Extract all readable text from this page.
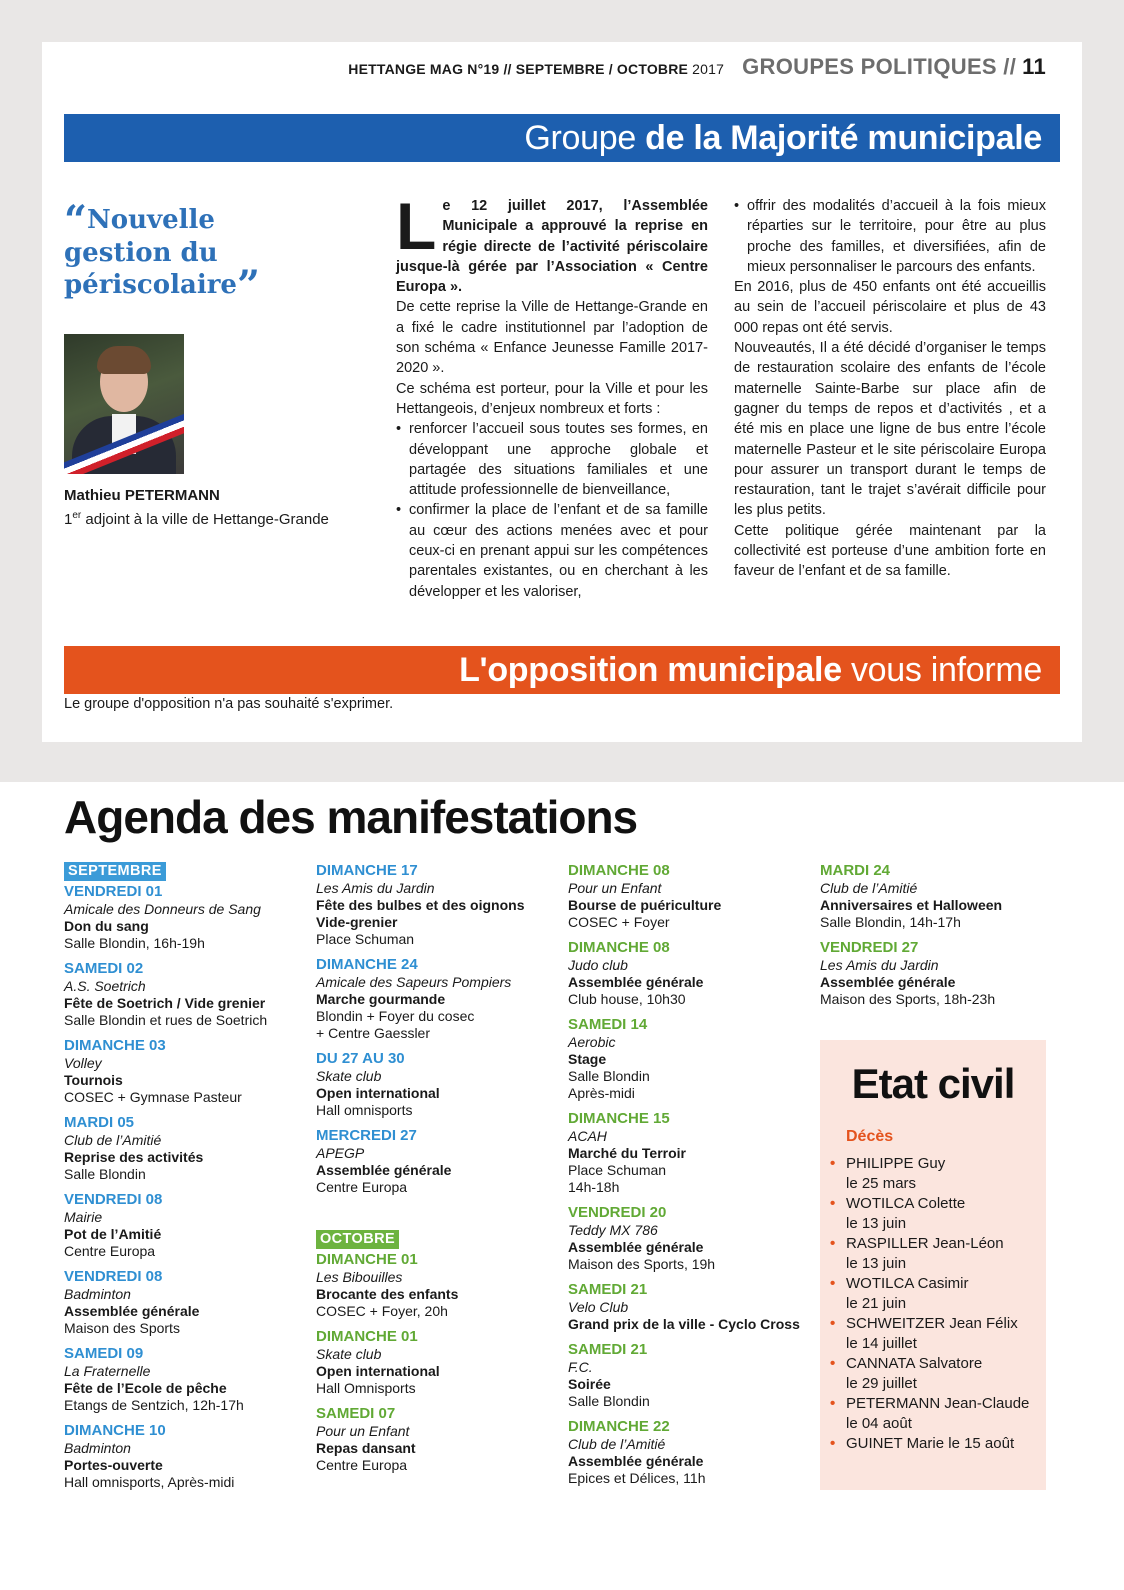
HETTANGE MAG N°19 // SEPTEMBRE / OCTOBRE 2017 GROUPES POLITIQUES // 11
Groupe de la Majorité municipale
“Nouvelle gestion du périscolaire”
Mathieu PETERMANN
1er adjoint à la ville de Hettange-Grande
L e 12 juillet 2017, l’Assemblée Municipale a approuvé la reprise en régie directe de l’activité périscolaire jusque-là gérée par l’Association « Centre Europa ».

De cette reprise la Ville de Hettange-Grande en a fixé le cadre institutionnel par l’adoption de son schéma « Enfance Jeunesse Famille 2017-2020 ».

Ce schéma est porteur, pour la Ville et pour les Hettangeois, d’enjeux nombreux et forts :

• renforcer l’accueil sous toutes ses formes, en développant une approche globale et partagée des situations familiales et une attitude professionnelle de bienveillance,
• confirmer la place de l’enfant et de sa famille au cœur des actions menées avec et pour ceux-ci en prenant appui sur les compétences parentales existantes, ou en cherchant à les développer et les valoriser,
• offrir des modalités d’accueil à la fois mieux réparties sur le territoire, pour être au plus proche des familles, et diversifiées, afin de mieux personnaliser le parcours des enfants.

En 2016, plus de 450 enfants ont été accueillis au sein de l’accueil périscolaire et plus de 43 000 repas ont été servis.

Nouveautés, Il a été décidé d’organiser le temps de restauration scolaire des enfants de l’école maternelle Sainte-Barbe sur place afin de gagner du temps de repos et d’activités , et a été mis en place une ligne de bus entre l’école maternelle Pasteur et le site périscolaire Europa pour assurer un transport durant le temps de restauration, tant le trajet s’avérait difficile pour les plus petits.

Cette politique gérée maintenant par la collectivité est porteuse d’une ambition forte en faveur de l’enfant et de sa famille.

L'opposition municipale vous informe
Le groupe d'opposition n'a pas souhaité s'exprimer.
Agenda des manifestations
SEPTEMBRE
VENDREDI 01
Amicale des Donneurs de Sang
Don du sang
Salle Blondin, 16h-19h
SAMEDI 02
A.S. Soetrich
Fête de Soetrich / Vide grenier
Salle Blondin et rues de Soetrich
DIMANCHE 03
Volley
Tournois
COSEC + Gymnase Pasteur
MARDI 05
Club de l’Amitié
Reprise des activités
Salle Blondin
VENDREDI 08
Mairie
Pot de l’Amitié
Centre Europa
VENDREDI 08
Badminton
Assemblée générale
Maison des Sports
SAMEDI 09
La Fraternelle
Fête de l’Ecole de pêche
Etangs de Sentzich, 12h-17h
DIMANCHE 10
Badminton
Portes-ouverte
Hall omnisports, Après-midi
DIMANCHE 17
Les Amis du Jardin
Fête des bulbes et des oignons
Vide-grenier
Place Schuman
DIMANCHE 24
Amicale des Sapeurs Pompiers
Marche gourmande
Blondin + Foyer du cosec
+ Centre Gaessler
DU 27 AU 30
Skate club
Open international
Hall omnisports
MERCREDI 27
APEGP
Assemblée générale
Centre Europa
OCTOBRE
DIMANCHE 01
Les Bibouilles
Brocante des enfants
COSEC + Foyer, 20h
DIMANCHE 01
Skate club
Open international
Hall Omnisports
SAMEDI 07
Pour un Enfant
Repas dansant
Centre Europa
DIMANCHE 08
Pour un Enfant
Bourse de puériculture
COSEC + Foyer
DIMANCHE 08
Judo club
Assemblée générale
Club house, 10h30
SAMEDI 14
Aerobic
Stage
Salle Blondin
Après-midi
DIMANCHE 15
ACAH
Marché du Terroir
Place Schuman
14h-18h
VENDREDI 20
Teddy MX 786
Assemblée générale
Maison des Sports, 19h
SAMEDI 21
Velo Club
Grand prix de la ville - Cyclo Cross
SAMEDI 21
F.C.
Soirée
Salle Blondin
DIMANCHE 22
Club de l’Amitié
Assemblée générale
Epices et Délices, 11h
MARDI 24
Club de l’Amitié
Anniversaires et Halloween
Salle Blondin, 14h-17h
VENDREDI 27
Les Amis du Jardin
Assemblée générale
Maison des Sports, 18h-23h
Etat civil
Décès
• PHILIPPE Guy
le 25 mars
• WOTILCA Colette
le 13 juin
• RASPILLER Jean-Léon
le 13 juin
• WOTILCA Casimir
le 21 juin
• SCHWEITZER Jean Félix
le 14 juillet
• CANNATA Salvatore
le 29 juillet
• PETERMANN Jean-Claude
le 04 août
• GUINET Marie le 15 août
